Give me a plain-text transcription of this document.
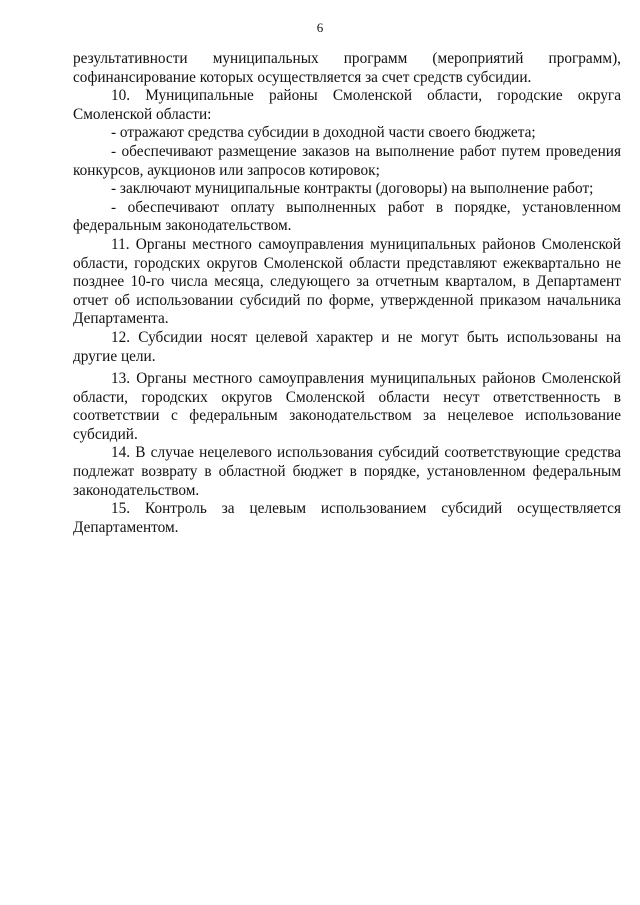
6

результативности муниципальных программ (мероприятий программ), софинансирование которых осуществляется за счет средств субсидии.

10. Муниципальные районы Смоленской области, городские округа Смоленской области:

- отражают средства субсидии в доходной части своего бюджета;

- обеспечивают размещение заказов на выполнение работ путем проведения конкурсов, аукционов или запросов котировок;

- заключают муниципальные контракты (договоры) на выполнение работ;

- обеспечивают оплату выполненных работ в порядке, установленном федеральным законодательством.

11. Органы местного самоуправления муниципальных районов Смоленской области, городских округов Смоленской области представляют ежеквартально не позднее 10-го числа месяца, следующего за отчетным кварталом, в Департамент отчет об использовании субсидий по форме, утвержденной приказом начальника Департамента.

12. Субсидии носят целевой характер и не могут быть использованы на другие цели.

13. Органы местного самоуправления муниципальных районов Смоленской области, городских округов Смоленской области несут ответственность в соответствии с федеральным законодательством за нецелевое использование субсидий.

14. В случае нецелевого использования субсидий соответствующие средства подлежат возврату в областной бюджет в порядке, установленном федеральным законодательством.

15. Контроль за целевым использованием субсидий осуществляется Департаментом.
